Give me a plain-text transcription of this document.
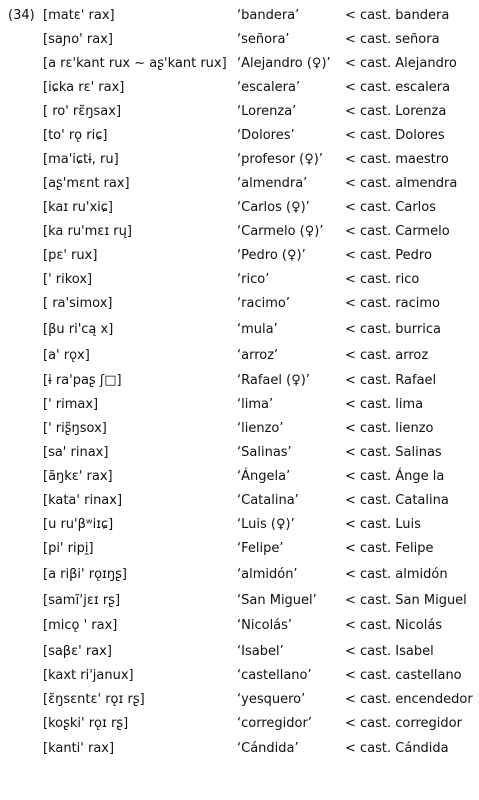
(34) [matɛ' rax]	‘bandera’	< cast. bandera
[saɲo' rax]	‘señora’	< cast. señora
[a rɛ'kant rux ~ aʂ'kant rux] ‘Alejandro (♀)’ < cast. Alejandro
[iɕka rɛ' rax]	‘escalera’	< cast. escalera
[ ro' rɛ̃ŋsax]	‘Lorenza’	< cast. Lorenza
[to' rǫ riɕ]	‘Dolores’	< cast. Dolores
[ma'iɕtɨ, ru]	‘profesor (♀)’ < cast. maestro
[aʂ'mɛnt rax]	‘almendra’	< cast. almendra
[kaɪ ru'xiɕ]	‘Carlos (♀)’	< cast. Carlos
[ka ru'mɛɪ rų]	‘Carmelo (♀)’ < cast. Carmelo
[pɛ' rux]	‘Pedro (♀)’	< cast. Pedro
[' rikox]	‘rico’	< cast. rico
[ ra'simox]	‘racimo’	< cast. racimo
[βu ri'cą x]	‘mula’	< cast. burrica
[a' rǫx]	‘arroz’	< cast. arroz
[ɨ ra'paʂ ʃ□]	‘Rafael (♀)’	< cast. Rafael
[' rimax]	‘lima’	< cast. lima
[' riʂ̃ŋsox]	‘lienzo’	< cast. lienzo
[sa' rinax]	‘Salinas’	< cast. Salinas
[ãŋkɛ' rax]	‘Ángela’	< cast. Ánge la
[kata' rinax]	‘Catalina’	< cast. Catalina
[u ru'βʷiɪɕ]	‘Luis (♀)’	< cast. Luis
[pi' ripi̯]	‘Felipe’	< cast. Felipe
[a riβi' rǫɪŋʂ]	‘almidón’	< cast. almidón
[samĩʼjɛɪ rʂ]	‘San Miguel’ < cast. San Miguel
[micǫ ' rax]	‘Nicolás’	< cast. Nicolás
[saβɛ' rax]	‘Isabel’	< cast. Isabel
[kaxt ri'janux]	‘castellano’	< cast. castellano
[ɛ̃ŋsɛntɛ' rǫɪ rʂ]	‘yesquero’	< cast. encendedor
[koʂki' rǫɪ rʂ]	‘corregidor’	< cast. corregidor
[kanti' rax]	‘Cándida’	< cast. Cándida
